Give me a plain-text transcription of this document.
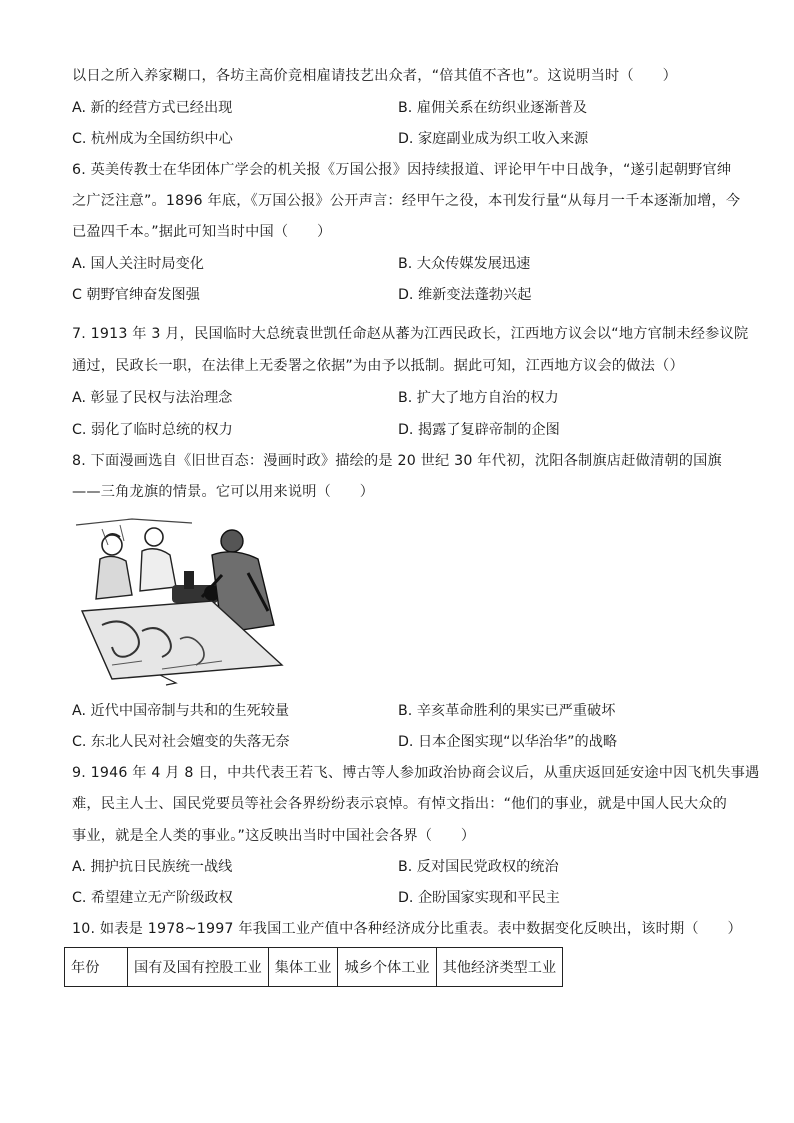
以日之所入养家糊口，各坊主高价竞相雇请技艺出众者，“倍其值不吝也”。这说明当时（　　）
A. 新的经营方式已经出现	B. 雇佣关系在纺织业逐渐普及
C. 杭州成为全国纺织中心	D. 家庭副业成为织工收入来源
6. 英美传教士在华团体广学会的机关报《万国公报》因持续报道、评论甲午中日战争，“遂引起朝野官绅
之广泛注意”。1896 年底，《万国公报》公开声言：经甲午之役，本刊发行量“从每月一千本逐渐加增，今
已盈四千本。”据此可知当时中国（　　）
A. 国人关注时局变化	B. 大众传媒发展迅速
C 朝野官绅奋发图强	D. 维新变法蓬勃兴起
7. 1913 年 3 月，民国临时大总统袁世凯任命赵从蕃为江西民政长，江西地方议会以“地方官制未经参议院
通过，民政长一职，在法律上无委署之依据”为由予以抵制。据此可知，江西地方议会的做法（）
A. 彰显了民权与法治理念	B. 扩大了地方自治的权力
C. 弱化了临时总统的权力	D. 揭露了复辟帝制的企图
8. 下面漫画选自《旧世百态：漫画时政》描绘的是 20 世纪 30 年代初，沈阳各制旗店赶做清朝的国旗
——三角龙旗的情景。它可以用来说明（　　）
A. 近代中国帝制与共和的生死较量	B. 辛亥革命胜利的果实已严重破坏
C. 东北人民对社会嬗变的失落无奈	D. 日本企图实现“以华治华”的战略
9. 1946 年 4 月 8 日，中共代表王若飞、博古等人参加政治协商会议后，从重庆返回延安途中因飞机失事遇
难，民主人士、国民党要员等社会各界纷纷表示哀悼。有悼文指出：“他们的事业，就是中国人民大众的
事业，就是全人类的事业。”这反映出当时中国社会各界（　　）
A. 拥护抗日民族统一战线	B. 反对国民党政权的统治
C. 希望建立无产阶级政权	D. 企盼国家实现和平民主
10. 如表是 1978~1997 年我国工业产值中各种经济成分比重表。表中数据变化反映出，该时期（　　）
年份	国有及国有控股工业	集体工业	城乡个体工业	其他经济类型工业
